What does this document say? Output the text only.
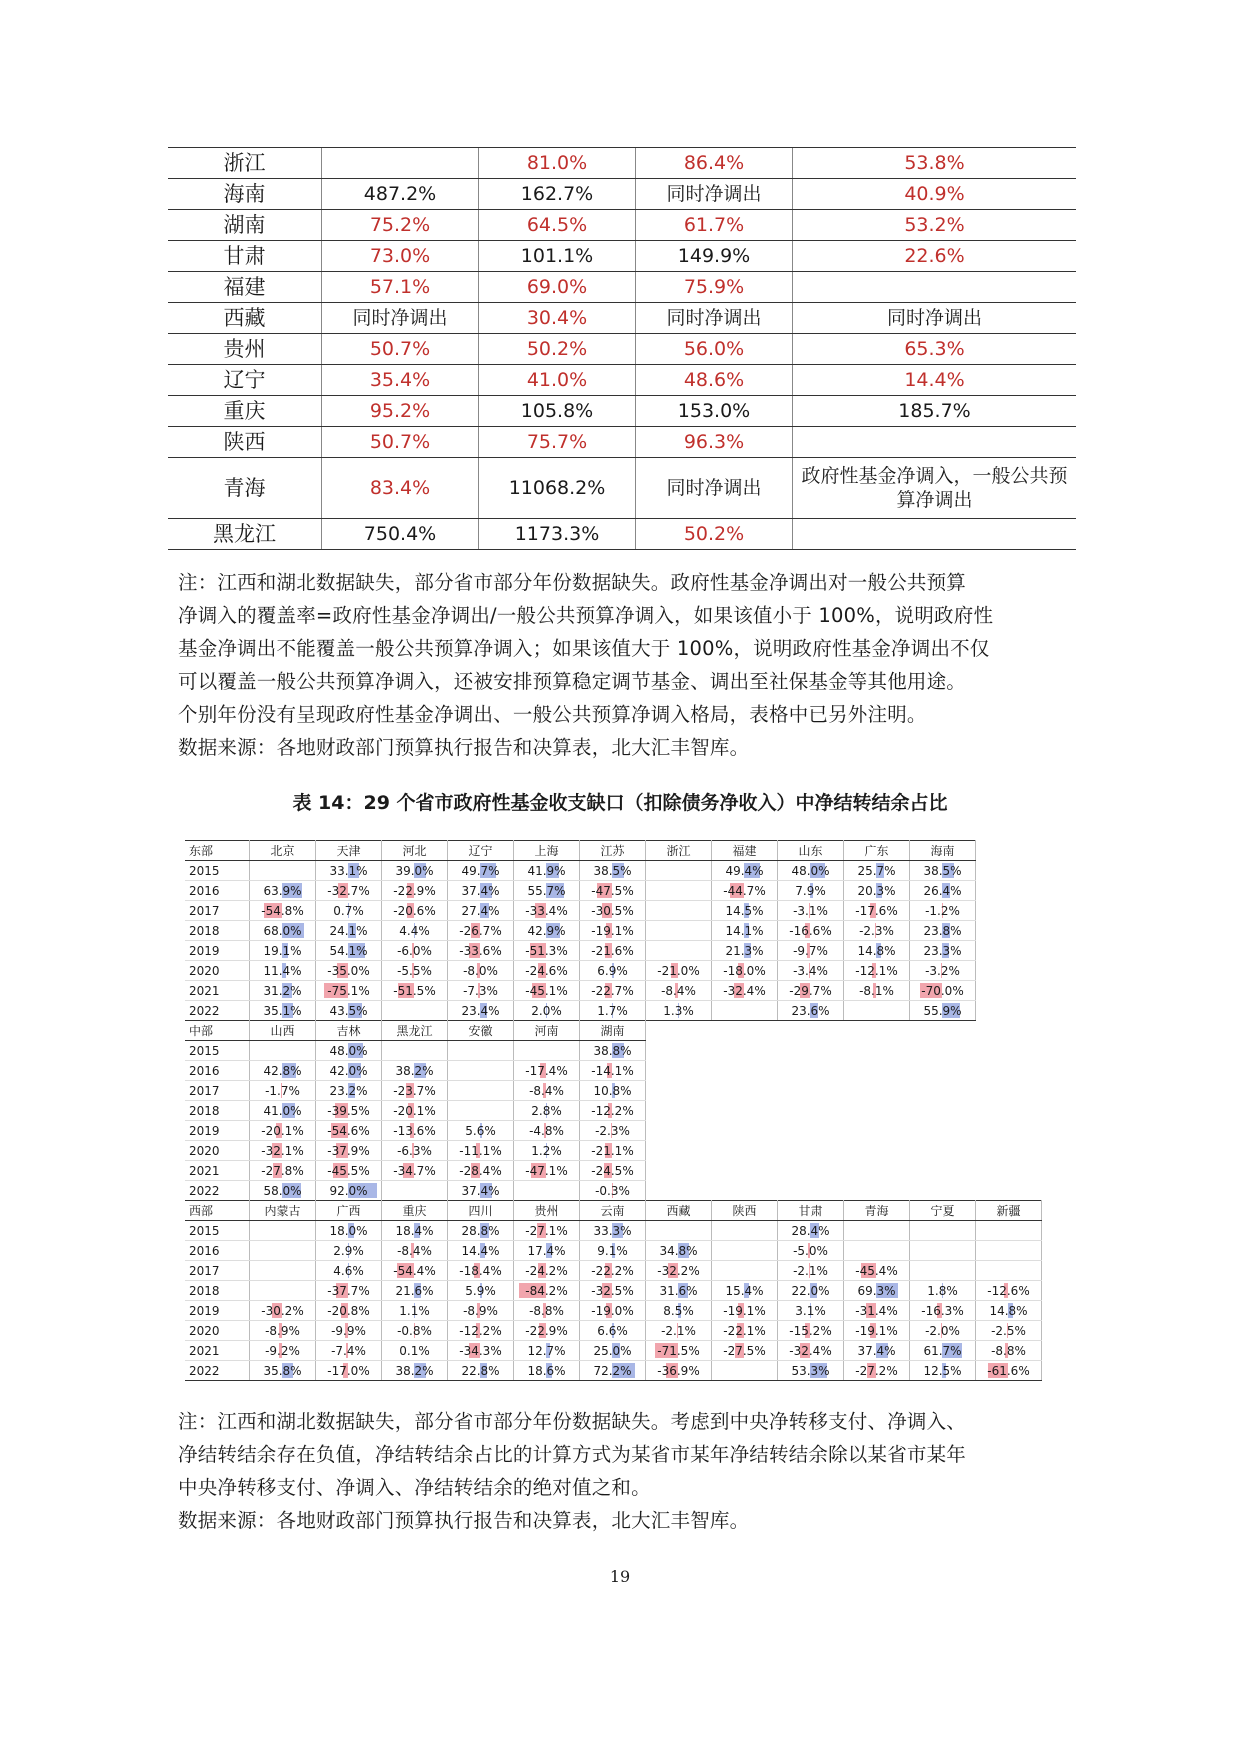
浙江		81.0%	86.4%	53.8%
海南	487.2%	162.7%	同时净调出	40.9%
湖南	75.2%	64.5%	61.7%	53.2%
甘肃	73.0%	101.1%	149.9%	22.6%
福建	57.1%	69.0%	75.9%	
西藏	同时净调出	30.4%	同时净调出	同时净调出
贵州	50.7%	50.2%	56.0%	65.3%
辽宁	35.4%	41.0%	48.6%	14.4%
重庆	95.2%	105.8%	153.0%	185.7%
陕西	50.7%	75.7%	96.3%	
青海	83.4%	11068.2%	同时净调出	政府性基金净调入，一般公共预算净调出
黑龙江	750.4%	1173.3%	50.2%	
注：江西和湖北数据缺失，部分省市部分年份数据缺失。政府性基金净调出对一般公共预算
净调入的覆盖率=政府性基金净调出/一般公共预算净调入，如果该值小于 100%，说明政府性
基金净调出不能覆盖一般公共预算净调入；如果该值大于 100%，说明政府性基金净调出不仅
可以覆盖一般公共预算净调入，还被安排预算稳定调节基金、调出至社保基金等其他用途。
个别年份没有呈现政府性基金净调出、一般公共预算净调入格局，表格中已另外注明。
数据来源：各地财政部门预算执行报告和决算表，北大汇丰智库。
表 14：29 个省市政府性基金收支缺口（扣除债务净收入）中净结转结余占比
东部	北京	天津	河北	辽宁	上海	江苏	浙江	福建	山东	广东	海南
2015		33.1%	39.0%	49.7%	41.9%	38.5%		49.4%	48.0%	25.7%	38.5%
2016	63.9%	-32.7%	-22.9%	37.4%	55.7%	-47.5%		-44.7%	7.9%	20.3%	26.4%
2017	-54.8%	0.7%	-20.6%	27.4%	-33.4%	-30.5%		14.5%	-3.1%	-17.6%	-1.2%
2018	68.0%	24.1%	4.4%	-26.7%	42.9%	-19.1%		14.1%	-16.6%	-2.3%	23.8%
2019	19.1%	54.1%	-6.0%	-33.6%	-51.3%	-21.6%		21.3%	-9.7%	14.8%	23.3%
2020	11.4%	-35.0%	-5.5%	-8.0%	-24.6%	6.9%	-21.0%	-18.0%	-3.4%	-12.1%	-3.2%
2021	31.2%	-75.1%	-51.5%	-7.3%	-45.1%	-22.7%	-8.4%	-32.4%	-29.7%	-8.1%	-70.0%
2022	35.1%	43.5%		23.4%	2.0%	1.7%	1.3%		23.6%		55.9%
中部	山西	吉林	黑龙江	安徽	河南	湖南
2015		48.0%				38.8%
2016	42.8%	42.0%	38.2%		-17.4%	-14.1%
2017	-1.7%	23.2%	-23.7%		-8.4%	10.8%
2018	41.0%	-39.5%	-20.1%		2.8%	-12.2%
2019	-20.1%	-54.6%	-13.6%	5.6%	-4.8%	-2.3%
2020	-32.1%	-37.9%	-6.3%	-11.1%	1.2%	-21.1%
2021	-27.8%	-45.5%	-34.7%	-28.4%	-47.1%	-24.5%
2022	58.0%	92.0%		37.4%		-0.3%
西部	内蒙古	广西	重庆	四川	贵州	云南	西藏	陕西	甘肃	青海	宁夏	新疆
2015		18.0%	18.4%	28.8%	-27.1%	33.3%			28.4%			
2016		2.9%	-8.4%	14.4%	17.4%	9.1%	34.8%		-5.0%			
2017		4.6%	-54.4%	-18.4%	-24.2%	-22.2%	-32.2%		-2.1%	-45.4%		
2018		-37.7%	21.6%	5.9%	-84.2%	-32.5%	31.6%	15.4%	22.0%	69.3%	1.8%	-12.6%
2019	-30.2%	-20.8%	1.1%	-8.9%	-8.8%	-19.0%	8.5%	-19.1%	3.1%	-31.4%	-16.3%	14.8%
2020	-8.9%	-9.9%	-0.8%	-12.2%	-22.9%	6.6%	-2.1%	-22.1%	-15.2%	-19.1%	-2.0%	-2.5%
2021	-9.2%	-7.4%	0.1%	-34.3%	12.7%	25.0%	-71.5%	-27.5%	-32.4%	37.4%	61.7%	-8.8%
2022	35.8%	-17.0%	38.2%	22.8%	18.6%	72.2%	-36.9%		53.3%	-27.2%	12.5%	-61.6%
注：江西和湖北数据缺失，部分省市部分年份数据缺失。考虑到中央净转移支付、净调入、
净结转结余存在负值，净结转结余占比的计算方式为某省市某年净结转结余除以某省市某年
中央净转移支付、净调入、净结转结余的绝对值之和。
数据来源：各地财政部门预算执行报告和决算表，北大汇丰智库。
19
